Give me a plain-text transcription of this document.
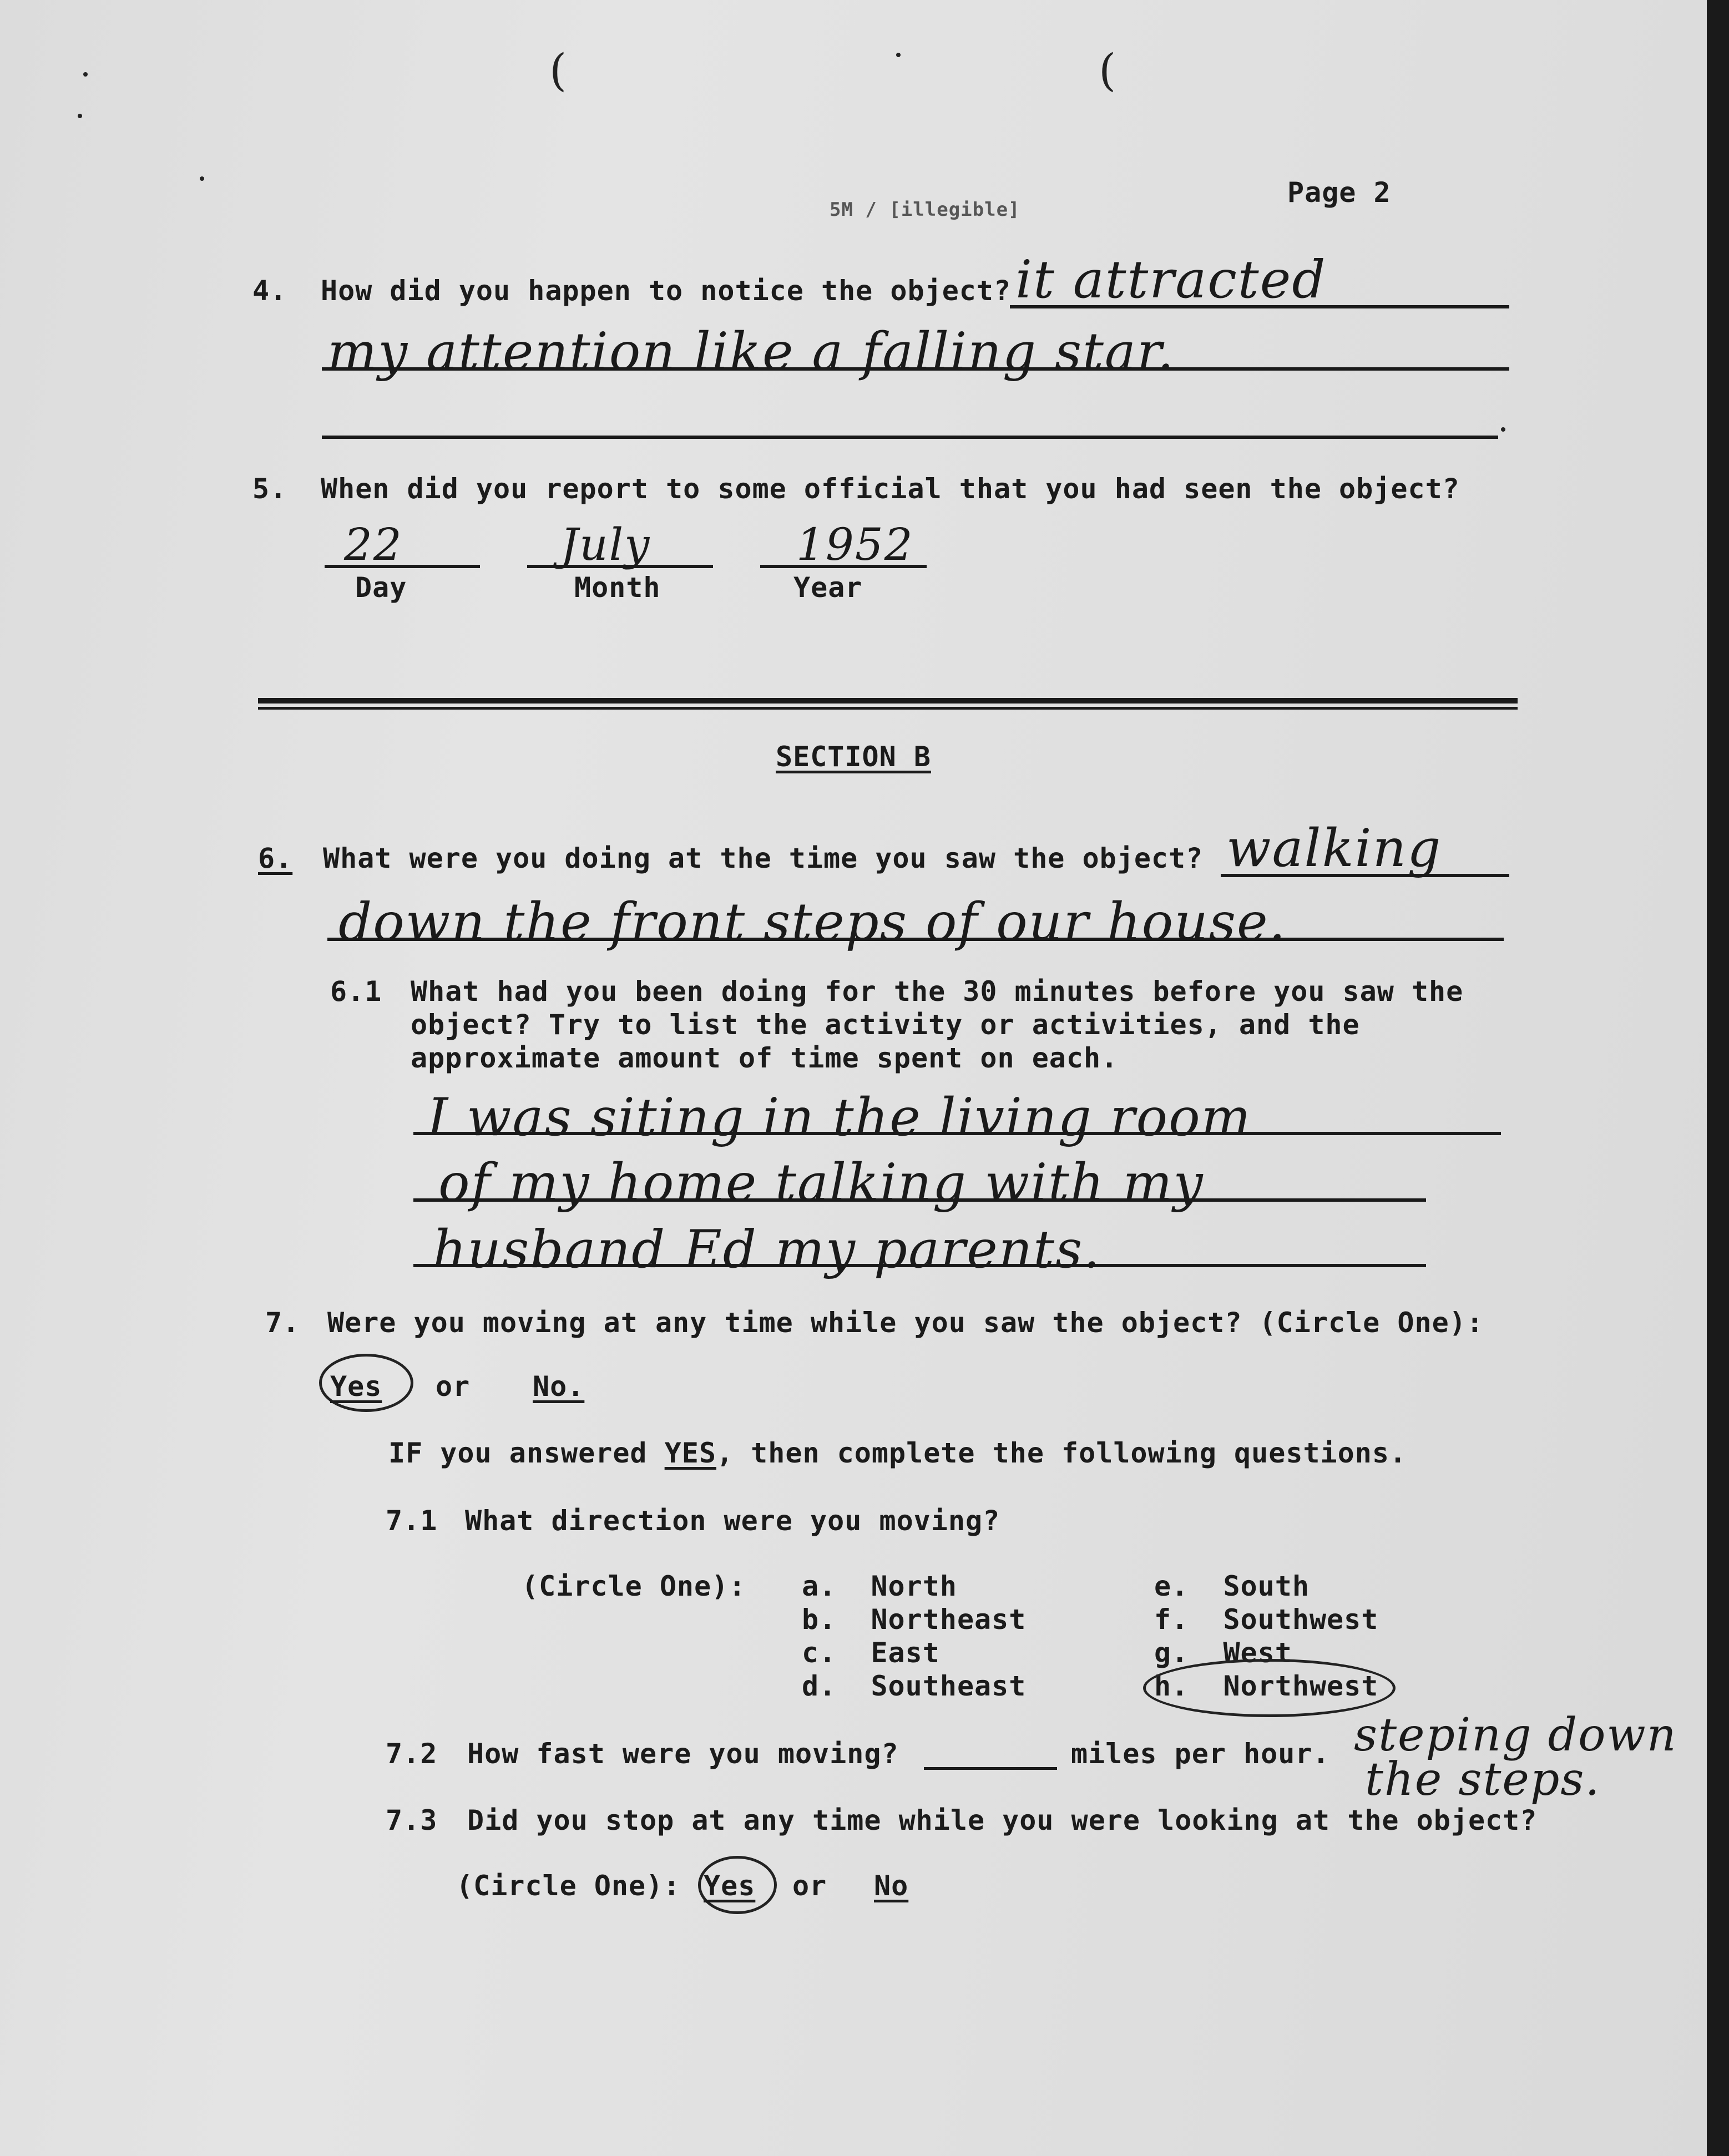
(	(
Page 2
5M / [illegible]
4. How did you happen to notice the object? it attracted
my attention like a falling star.
5. When did you report to some official that you had seen the object?
22
Day
July
Month
1952
Year
SECTION B
6. What were you doing at the time you saw the object? walking
down the front steps of our house.
6.1 What had you been doing for the 30 minutes before you saw the
object? Try to list the activity or activities, and the
approximate amount of time spent on each.
I was siting in the living room
of my home talking with my
husband Ed my parents.
7. Were you moving at any time while you saw the object? (Circle One):
Yes or No.
IF you answered YES, then complete the following questions.
7.1 What direction were you moving?
(Circle One): a. North
b. Northeast
c. East
d. Southeast
e. South
f. Southwest
g. West
h. Northwest
7.2 How fast were you moving?	miles per hour. steping down
the steps.
7.3 Did you stop at any time while you were looking at the object?
(Circle One): Yes or No
